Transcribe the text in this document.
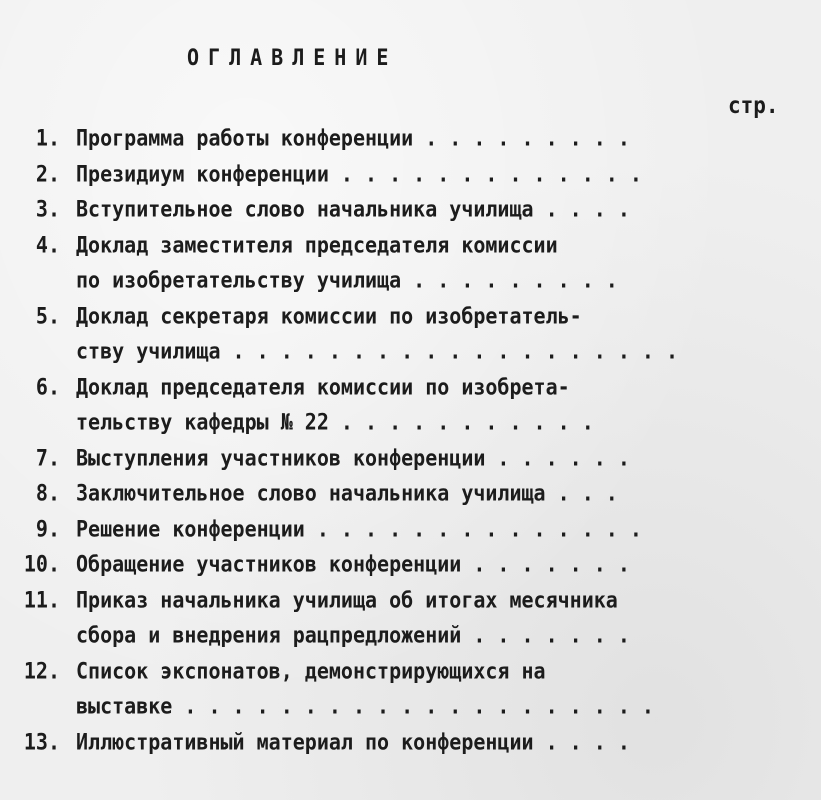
ОГЛАВЛЕНИЕ
стр.
1. Программа работы конференции . . . . . . . . .
2. Президиум конференции . . . . . . . . . . . . .
3. Вступительное слово начальника училища . . . .
4. Доклад заместителя председателя комиссии
по изобретательству училища . . . . . . . . .
5. Доклад секретаря комиссии по изобретатель-
ству училища . . . . . . . . . . . . . . . . . . .
6. Доклад председателя комиссии по изобрета-
тельству кафедры № 22 . . . . . . . . . . .
7. Выступления участников конференции . . . . . .
8. Заключительное слово начальника училища . . .
9. Решение конференции . . . . . . . . . . . . . .
10. Обращение участников конференции . . . . . . .
11. Приказ начальника училища об итогах месячника
сбора и внедрения рацпредложений . . . . . . .
12. Список экспонатов, демонстрирующихся на
выставке . . . . . . . . . . . . . . . . . . . .
13. Иллюстративный материал по конференции . . . .
